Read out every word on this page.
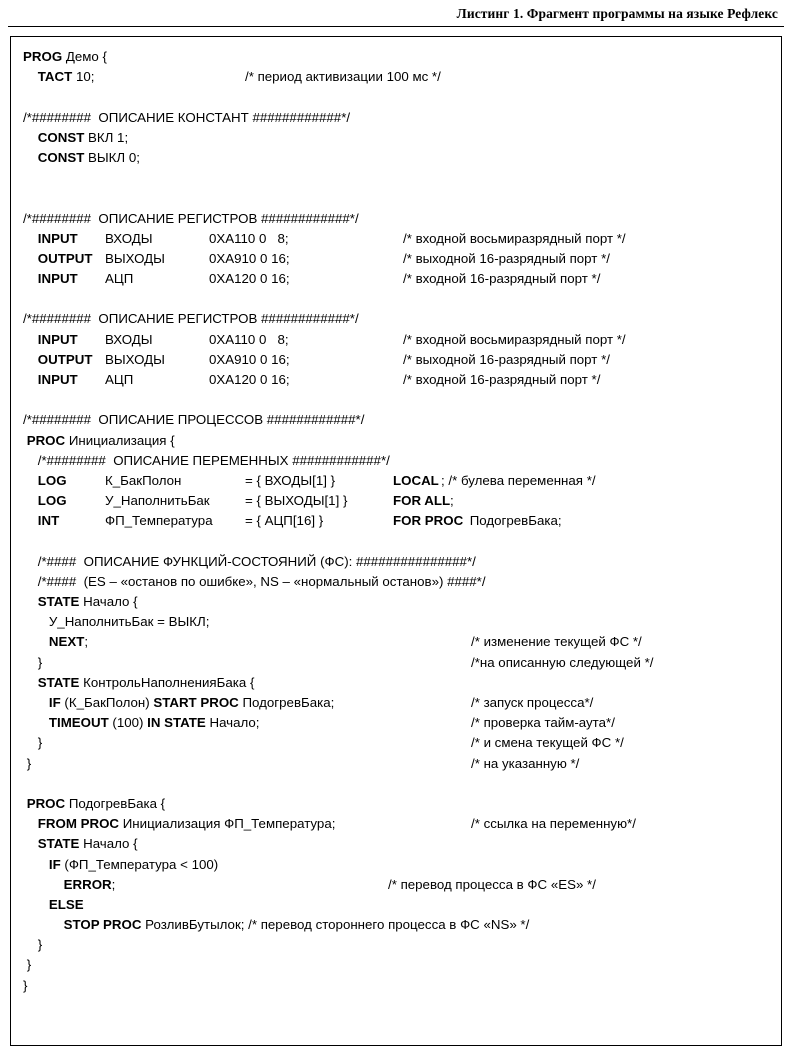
Листинг 1. Фрагмент программы на языке Рефлекс
PROG Демо {
TACT 10;	/* период активизации 100 мс */

/*########  ОПИСАНИЕ КОНСТАНТ ############*/
CONST ВКЛ 1;
CONST ВЫКЛ 0;

/*########  ОПИСАНИЕ РЕГИСТРОВ ############*/
INPUT ВХОДЫ	0XA110 0   8;	/* входной восьмиразрядный порт */
OUTPUT ВЫХОДЫ	0XA910 0 16;	/* выходной 16-разрядный порт */
INPUT АЦП	0XA120 0 16;	/* входной 16-разрядный порт */

/*########  ОПИСАНИЕ РЕГИСТРОВ ############*/
INPUT ВХОДЫ	0XA110 0   8;	/* входной восьмиразрядный порт */
OUTPUT ВЫХОДЫ	0XA910 0 16;	/* выходной 16-разрядный порт */
INPUT АЦП	0XA120 0 16;	/* входной 16-разрядный порт */

/*########  ОПИСАНИЕ ПРОЦЕССОВ ############*/
PROC Инициализация {
/*########  ОПИСАНИЕ ПЕРЕМЕННЫХ ############*/
LOG	К_БакПолон	= { ВХОДЫ[1] }	LOCAL ; /* булева переменная */
LOG	У_НаполнитьБак	= { ВЫХОДЫ[1] }	FOR ALL ;
INT	ФП_Температура = { АЦП[16] }	FOR PROC ПодогревБака;

/*####  ОПИСАНИЕ ФУНКЦИЙ-СОСТОЯНИЙ (ФС): ###############*/
/*####  (ES – «останов по ошибке», NS – «нормальный останов») ####*/
STATE Начало {
У_НаполнитьБак = ВЫКЛ;
NEXT;	/* изменение текущей ФС */
}	/*на описанную следующей */
STATE КонтрольНаполненияБака {
IF (К_БакПолон) START PROC ПодогревБака;	/* запуск процесса*/
TIMEOUT (100) IN STATE Начало;	/* проверка тайм-аута*/
}	/* и смена текущей ФС */
}	/* на указанную */

PROC ПодогревБака {
FROM PROC Инициализация ФП_Температура;	/* ссылка на переменную*/
STATE Начало {
IF (ФП_Температура < 100)
ERROR;	/* перевод процесса в ФС «ES» */
ELSE
STOP PROC РозливБутылок; /* перевод стороннего процесса в ФС «NS» */
}
}
}
